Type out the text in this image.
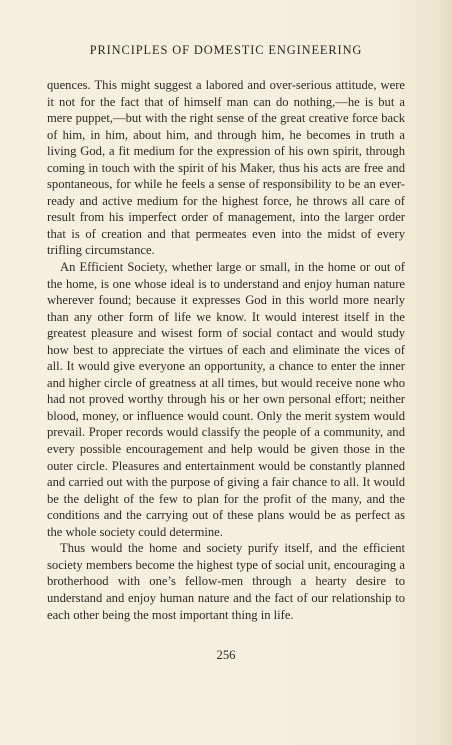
PRINCIPLES OF DOMESTIC ENGINEERING

quences. This might suggest a labored and over-serious attitude, were it not for the fact that of himself man can do nothing,—he is but a mere puppet,—but with the right sense of the great creative force back of him, in him, about him, and through him, he becomes in truth a living God, a fit medium for the expression of his own spirit, through coming in touch with the spirit of his Maker, thus his acts are free and spontaneous, for while he feels a sense of responsibility to be an ever-ready and active medium for the highest force, he throws all care of result from his imperfect order of management, into the larger order that is of creation and that permeates even into the midst of every trifling circumstance.

An Efficient Society, whether large or small, in the home or out of the home, is one whose ideal is to understand and enjoy human nature wherever found; because it expresses God in this world more nearly than any other form of life we know. It would interest itself in the greatest pleasure and wisest form of social contact and would study how best to appreciate the virtues of each and eliminate the vices of all. It would give everyone an opportunity, a chance to enter the inner and higher circle of greatness at all times, but would receive none who had not proved worthy through his or her own personal effort; neither blood, money, or influence would count. Only the merit system would prevail. Proper records would classify the people of a community, and every possible encouragement and help would be given those in the outer circle. Pleasures and entertainment would be constantly planned and carried out with the purpose of giving a fair chance to all. It would be the delight of the few to plan for the profit of the many, and the conditions and the carrying out of these plans would be as perfect as the whole society could determine.

Thus would the home and society purify itself, and the efficient society members become the highest type of social unit, encouraging a brotherhood with one’s fellow-men through a hearty desire to understand and enjoy human nature and the fact of our relationship to each other being the most important thing in life.

256
